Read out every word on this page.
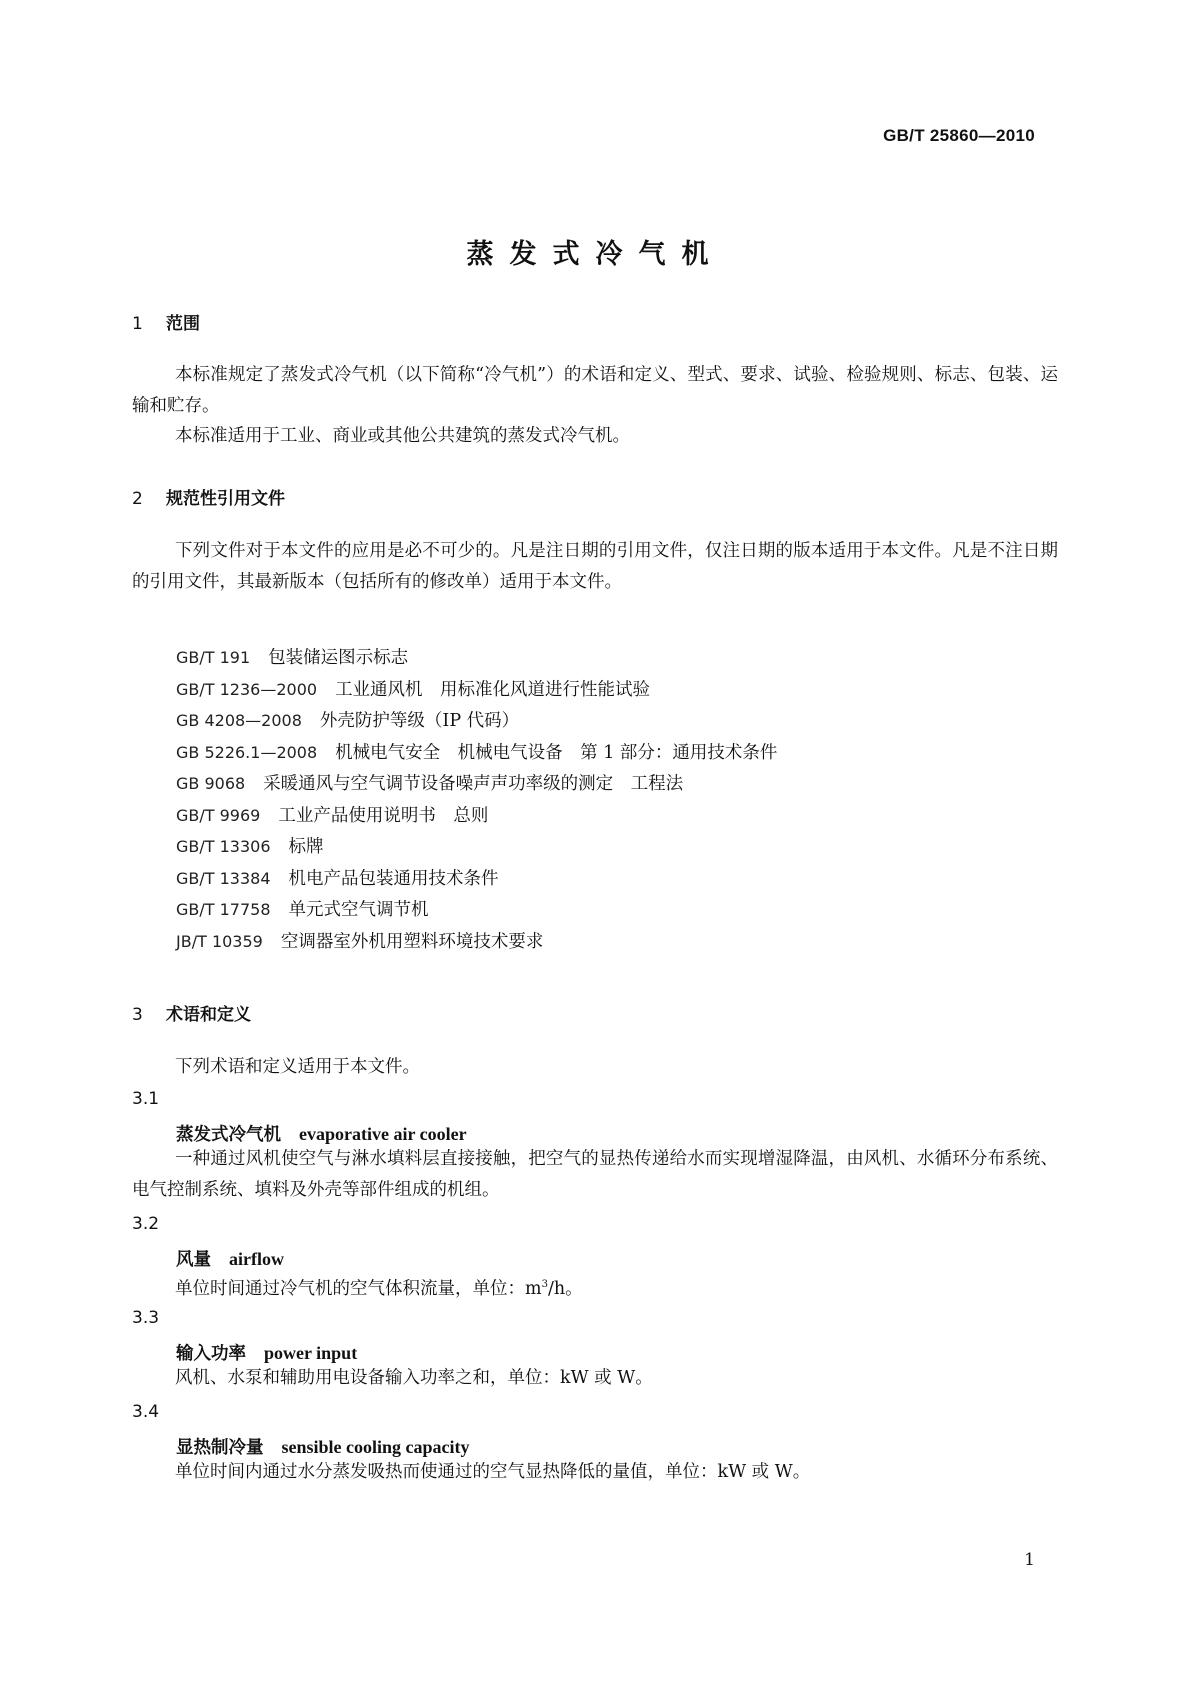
GB/T 25860—2010
蒸发式冷气机
1 范围
本标准规定了蒸发式冷气机（以下简称“冷气机”）的术语和定义、型式、要求、试验、检验规则、标志、包装、运输和贮存。
本标准适用于工业、商业或其他公共建筑的蒸发式冷气机。
2 规范性引用文件
下列文件对于本文件的应用是必不可少的。凡是注日期的引用文件，仅注日期的版本适用于本文件。凡是不注日期的引用文件，其最新版本（包括所有的修改单）适用于本文件。
GB/T 191 包装储运图示标志
GB/T 1236—2000 工业通风机　用标准化风道进行性能试验
GB 4208—2008 外壳防护等级（IP 代码）
GB 5226.1—2008 机械电气安全　机械电气设备　第 1 部分：通用技术条件
GB 9068 采暖通风与空气调节设备噪声声功率级的测定　工程法
GB/T 9969 工业产品使用说明书　总则
GB/T 13306 标牌
GB/T 13384 机电产品包装通用技术条件
GB/T 17758 单元式空气调节机
JB/T 10359 空调器室外机用塑料环境技术要求
3 术语和定义
下列术语和定义适用于本文件。
3.1
蒸发式冷气机 evaporative air cooler
一种通过风机使空气与淋水填料层直接接触，把空气的显热传递给水而实现增湿降温，由风机、水循环分布系统、电气控制系统、填料及外壳等部件组成的机组。
3.2
风量 airflow
单位时间通过冷气机的空气体积流量，单位：$m^3/h$。
3.3
输入功率 power input
风机、水泵和辅助用电设备输入功率之和，单位：kW 或 W。
3.4
显热制冷量 sensible cooling capacity
单位时间内通过水分蒸发吸热而使通过的空气显热降低的量值，单位：kW 或 W。
1
